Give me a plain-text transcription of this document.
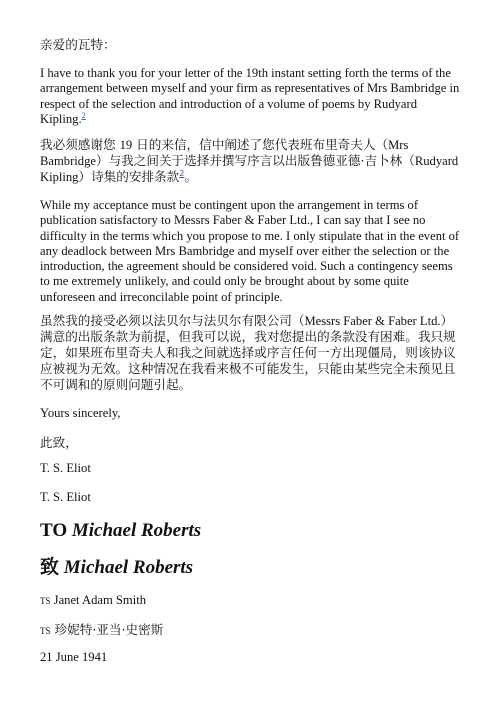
亲爱的瓦特：

I have to thank you for your letter of the 19th instant setting forth the terms of the arrangement between myself and your firm as representatives of Mrs Bambridge in respect of the selection and introduction of a volume of poems by Rudyard Kipling.$^2$

我必须感谢您 19 日的来信，信中阐述了您代表班布里奇夫人（Mrs Bambridge）与我之间关于选择并撰写序言以出版鲁德亚德·吉卜林（Rudyard Kipling）诗集的安排条款$^2$。

While my acceptance must be contingent upon the arrangement in terms of publication satisfactory to Messrs Faber & Faber Ltd., I can say that I see no difficulty in the terms which you propose to me. I only stipulate that in the event of any deadlock between Mrs Bambridge and myself over either the selection or the introduction, the agreement should be considered void. Such a contingency seems to me extremely unlikely, and could only be brought about by some quite unforeseen and irreconcilable point of principle.

虽然我的接受必须以法贝尔与法贝尔有限公司（Messrs Faber & Faber Ltd.）满意的出版条款为前提，但我可以说，我对您提出的条款没有困难。我只规定，如果班布里奇夫人和我之间就选择或序言任何一方出现僵局，则该协议应被视为无效。这种情况在我看来极不可能发生，只能由某些完全未预见且不可调和的原则问题引起。

Yours sincerely,

此致，

T. S. Eliot

T. S. Eliot

TO Michael Roberts

致 Michael Roberts

TS Janet Adam Smith

TS 珍妮特·亚当·史密斯

21 June 1941
